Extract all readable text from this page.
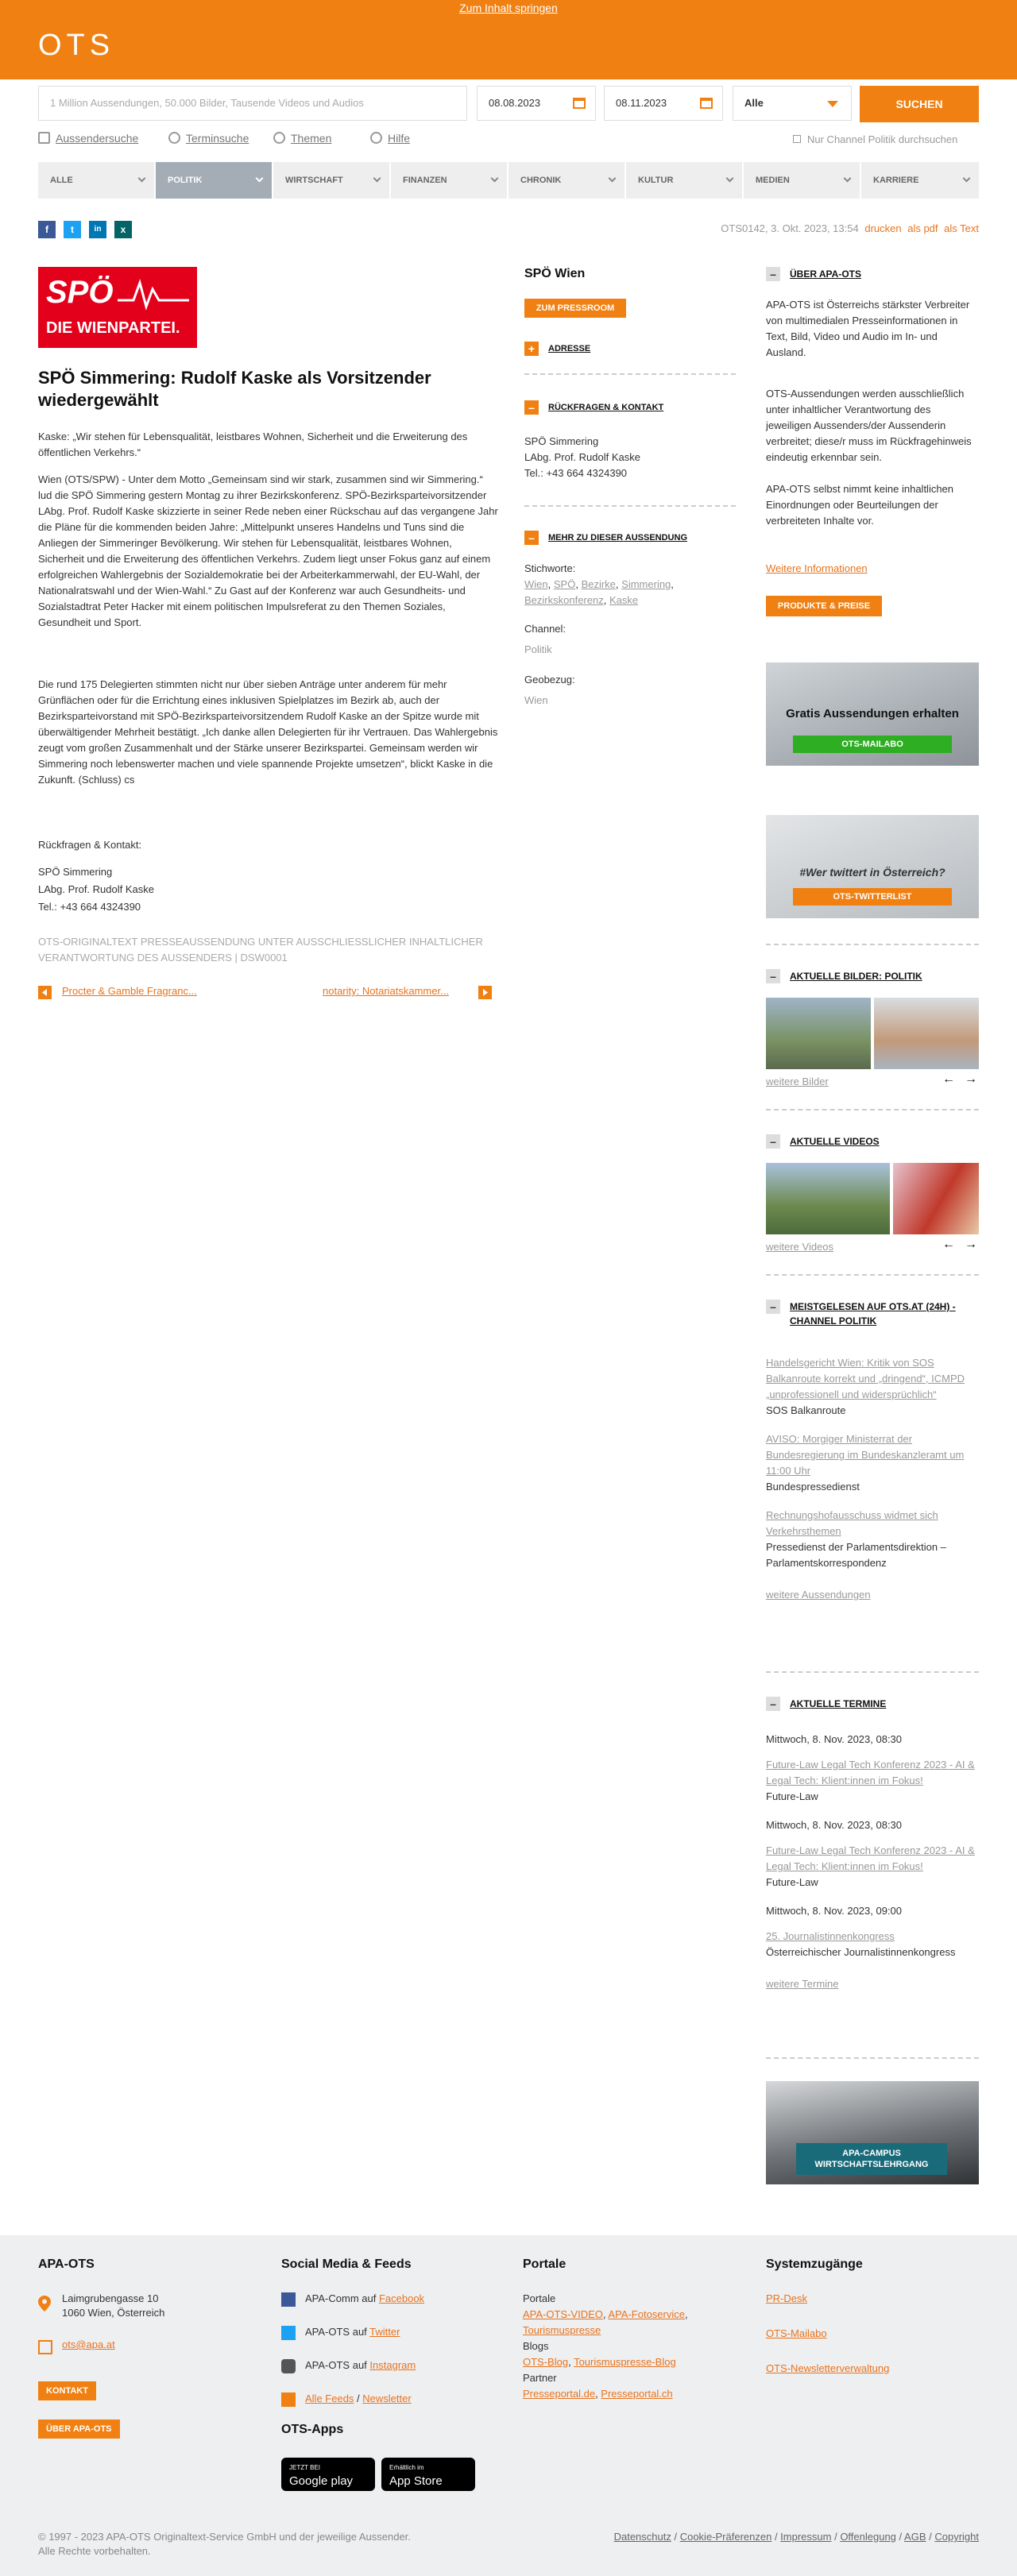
Zum Inhalt springen
OTS
1 Million Aussendungen, 50.000 Bilder, Tausende Videos und Audios	08.08.2023	08.11.2023	Alle	SUCHEN
Aussendersuche	Terminsuche	Themen	Hilfe	Nur Channel Politik durchsuchen
ALLE	POLITIK	WIRTSCHAFT	FINANZEN	CHRONIK	KULTUR	MEDIEN	KARRIERE
f	t	in	x	OTS0142, 3. Okt. 2023, 13:54 drucken als pdf als Text
SPÖ
DIE WIENPARTEI.
SPÖ Simmering: Rudolf Kaske als Vorsitzender wiedergewählt

Kaske: „Wir stehen für Lebensqualität, leistbares Wohnen, Sicherheit und die Erweiterung des öffentlichen Verkehrs.“

Wien (OTS/SPW) - Unter dem Motto „Gemeinsam sind wir stark, zusammen sind wir Simmering.“ lud die SPÖ Simmering gestern Montag zu ihrer Bezirkskonferenz. SPÖ-Bezirksparteivorsitzender LAbg. Prof. Rudolf Kaske skizzierte in seiner Rede neben einer Rückschau auf das vergangene Jahr die Pläne für die kommenden beiden Jahre: „Mittelpunkt unseres Handelns und Tuns sind die Anliegen der Simmeringer Bevölkerung. Wir stehen für Lebensqualität, leistbares Wohnen, Sicherheit und die Erweiterung des öffentlichen Verkehrs. Zudem liegt unser Fokus ganz auf einem erfolgreichen Wahlergebnis der Sozialdemokratie bei der Arbeiterkammerwahl, der EU-Wahl, der Nationalratswahl und der Wien-Wahl.“ Zu Gast auf der Konferenz war auch Gesundheits- und Sozialstadtrat Peter Hacker mit einem politischen Impulsreferat zu den Themen Soziales, Gesundheit und Sport.

Die rund 175 Delegierten stimmten nicht nur über sieben Anträge unter anderem für mehr Grünflächen oder für die Errichtung eines inklusiven Spielplatzes im Bezirk ab, auch der Bezirksparteivorstand mit SPÖ-Bezirksparteivorsitzendem Rudolf Kaske an der Spitze wurde mit überwältigender Mehrheit bestätigt. „Ich danke allen Delegierten für ihr Vertrauen. Das Wahlergebnis zeugt vom großen Zusammenhalt und der Stärke unserer Bezirkspartei. Gemeinsam werden wir Simmering noch lebenswerter machen und viele spannende Projekte umsetzen“, blickt Kaske in die Zukunft. (Schluss) cs

Rückfragen & Kontakt:

SPÖ Simmering

LAbg. Prof. Rudolf Kaske

Tel.: +43 664 4324390

OTS-ORIGINALTEXT PRESSEAUSSENDUNG UNTER AUSSCHLIESSLICHER INHALTLICHER VERANTWORTUNG DES AUSSENDERS | DSW0001

Procter & Gamble Fragranc...	notarity: Notariatskammer...
SPÖ Wien
ZUM PRESSROOM
+	ADRESSE
–	RÜCKFRAGEN & KONTAKT
SPÖ Simmering
LAbg. Prof. Rudolf Kaske
Tel.: +43 664 4324390
–	MEHR ZU DIESER AUSSENDUNG
Stichworte:
Wien, SPÖ, Bezirke, Simmering,
Bezirkskonferenz, Kaske
Channel:
Politik
Geobezug:
Wien
–	ÜBER APA-OTS

APA-OTS ist Österreichs stärkster Verbreiter von multimedialen Presseinformationen in Text, Bild, Video und Audio im In- und Ausland.

OTS-Aussendungen werden ausschließlich unter inhaltlicher Verantwortung des jeweiligen Aussenders/der Aussenderin verbreitet; diese/r muss im Rückfragehinweis eindeutig erkennbar sein.

APA-OTS selbst nimmt keine inhaltlichen Einordnungen oder Beurteilungen der verbreiteten Inhalte vor.

Weitere Informationen
PRODUKTE & PREISE
Gratis Aussendungen erhalten
OTS-MAILABO
#Wer twittert in Österreich?
OTS-TWITTERLIST
–	AKTUELLE BILDER: POLITIK
weitere Bilder	← →
–	AKTUELLE VIDEOS
weitere Videos	← →
–	MEISTGELESEN AUF OTS.AT (24H) - CHANNEL POLITIK
Handelsgericht Wien: Kritik von SOS Balkanroute korrekt und „dringend“, ICMPD „unprofessionell und widersprüchlich“
SOS Balkanroute
AVISO: Morgiger Ministerrat der Bundesregierung im Bundeskanzleramt um 11:00 Uhr
Bundespressedienst
Rechnungshofausschuss widmet sich Verkehrsthemen
Pressedienst der Parlamentsdirektion – Parlamentskorrespondenz
weitere Aussendungen
–	AKTUELLE TERMINE
Mittwoch, 8. Nov. 2023, 08:30
Future-Law Legal Tech Konferenz 2023 - AI & Legal Tech: Klient:innen im Fokus!
Future-Law
Mittwoch, 8. Nov. 2023, 08:30
Future-Law Legal Tech Konferenz 2023 - AI & Legal Tech: Klient:innen im Fokus!
Future-Law
Mittwoch, 8. Nov. 2023, 09:00
25. Journalistinnenkongress
Österreichischer Journalistinnenkongress
weitere Termine
APA-CAMPUS WIRTSCHAFTSLEHRGANG
APA-OTS
Laimgrubengasse 10
1060 Wien, Österreich
ots@apa.at
KONTAKT
ÜBER APA-OTS
Social Media & Feeds
APA-Comm auf Facebook
APA-OTS auf Twitter
APA-OTS auf Instagram
Alle Feeds / Newsletter
OTS-Apps
JETZT BEI
Google play
Erhältlich im
App Store
Portale
Portale
APA-OTS-VIDEO, APA-Fotoservice,
Tourismuspresse
Blogs
OTS-Blog, Tourismuspresse-Blog
Partner
Presseportal.de, Presseportal.ch
Systemzugänge
PR-Desk
OTS-Mailabo
OTS-Newsletterverwaltung
© 1997 - 2023 APA-OTS Originaltext-Service GmbH und der jeweilige Aussender.
Alle Rechte vorbehalten.
Datenschutz / Cookie-Präferenzen / Impressum / Offenlegung / AGB / Copyright
